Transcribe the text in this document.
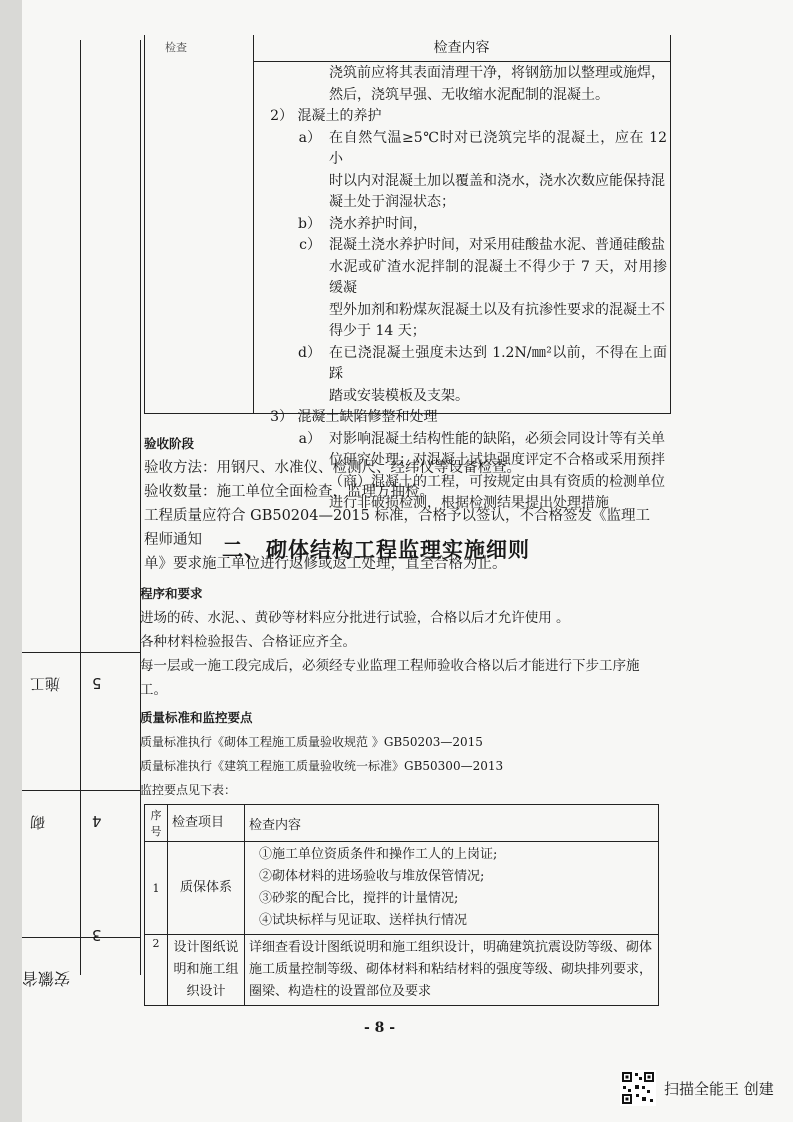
施工 5
砌	4
3
安徽省
检查	检查内容

浇筑前应将其表面清理干净，将钢筋加以整理或施焊，

然后，浇筑早强、无收缩水泥配制的混凝土。

2） 混凝土的养护

a） 在自然气温≥5℃时对已浇筑完毕的混凝土，应在 12 小
时以内对混凝土加以覆盖和浇水，浇水次数应能保持混
凝土处于润湿状态；
b） 浇水养护时间，
c） 混凝土浇水养护时间，对采用硅酸盐水泥、普通硅酸盐
水泥或矿渣水泥拌制的混凝土不得少于 7 天，对用掺缓凝
型外加剂和粉煤灰混凝土以及有抗渗性要求的混凝土不
得少于 14 天；
d） 在已浇混凝土强度未达到 1.2N/㎜²以前，不得在上面踩
踏或安装模板及支架。

3） 混凝土缺陷修整和处理

a） 对影响混凝土结构性能的缺陷，必须会同设计等有关单
位研究处理；对混凝土试块强度评定不合格或采用预拌
（商）混凝土的工程，可按规定由具有资质的检测单位
进行非破损检测，根据检测结果提出处理措施

验收阶段

验收方法：用钢尺、水准仪、检测尺、经纬仪等设备检查。

验收数量：施工单位全面检查，监理方抽检。

工程质量应符合 GB50204—2015 标准，合格予以签认，不合格签发《监理工程师通知

单》要求施工单位进行返修或返工处理，直至合格为止。

二、砌体结构工程监理实施细则

程序和要求

进场的砖、水泥、、黄砂等材料应分批进行试验，合格以后才允许使用 。

各种材料检验报告、合格证应齐全。

每一层或一施工段完成后，必须经专业监理工程师验收合格以后才能进行下步工序施

工。

质量标准和监控要点

质量标准执行《砌体工程施工质量验收规范 》GB50203—2015

质量标准执行《建筑工程施工质量验收统一标准》GB50300—2013

监控要点见下表：

序号	检查项目	检查内容
1	质保体系	①施工单位资质条件和操作工人的上岗证;
②砌体材料的进场验收与堆放保管情况;
③砂浆的配合比，搅拌的计量情况;
④试块标样与见证取、送样执行情况

2	设计图纸说明和施工组织设计	详细查看设计图纸说明和施工组织设计，明确建筑抗震设防等级、砌体施工质量控制等级、砌体材料和粘结材料的强度等级、砌块排列要求，圈梁、构造柱的设置部位及要求
- 8 -
扫描全能王 创建
